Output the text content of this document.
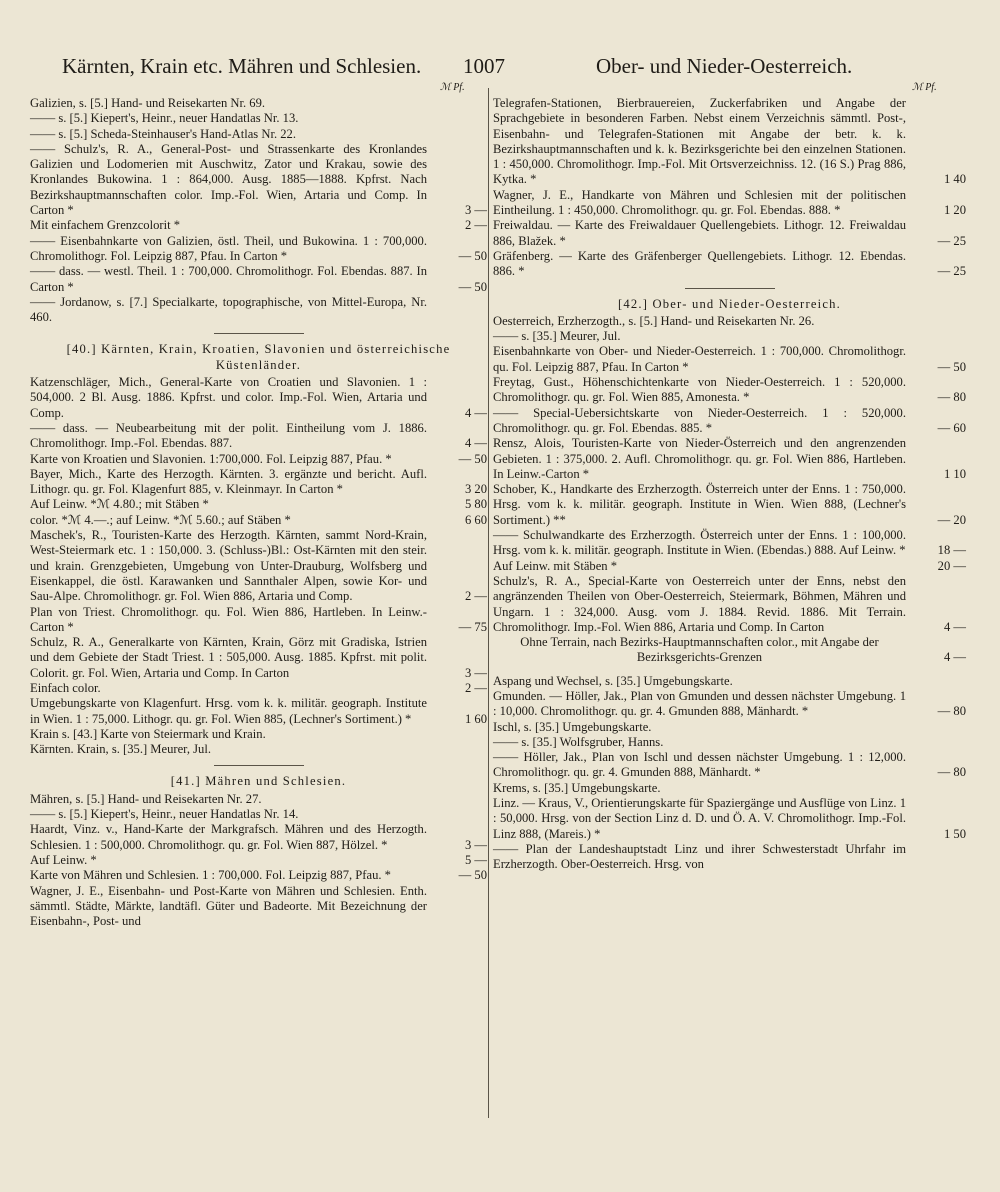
Kärnten, Krain etc. Mähren und Schlesien. 1007	Ober- und Nieder-Oesterreich.
ℳ Pf.	ℳ Pf.
Galizien, s. [5.] Hand- und Reisekarten Nr. 69.
—— s. [5.] Kiepert's, Heinr., neuer Handatlas Nr. 13.
—— s. [5.] Scheda-Steinhauser's Hand-Atlas Nr. 22.
—— Schulz's, R. A., General-Post- und Strassenkarte des Kronlandes Galizien und Lodomerien mit Auschwitz, Zator und Krakau, sowie des Kronlandes Bukowina. 1 : 864,000. Ausg. 1885—1888. Kpfrst. Nach Bezirkshauptmannschaften color. Imp.-Fol. Wien, Artaria und Comp. In Carton *	3 —
Mit einfachem Grenzcolorit *	2 —
—— Eisenbahnkarte von Galizien, östl. Theil, und Bukowina. 1 : 700,000. Chromolithogr. Fol. Leipzig 887, Pfau. In Carton *	— 50
—— dass. — westl. Theil. 1 : 700,000. Chromolithogr. Fol. Ebendas. 887. In Carton *	— 50
—— Jordanow, s. [7.] Specialkarte, topographische, von Mittel-Europa, Nr. 460.
[40.] Kärnten, Krain, Kroatien, Slavonien und österreichische Küstenländer.
Katzenschläger, Mich., General-Karte von Croatien und Slavonien. 1 : 504,000. 2 Bl. Ausg. 1886. Kpfrst. und color. Imp.-Fol. Wien, Artaria und Comp.	4 —
—— dass. — Neubearbeitung mit der polit. Eintheilung vom J. 1886. Chromolithogr. Imp.-Fol. Ebendas. 887.	4 —
Karte von Kroatien und Slavonien. 1:700,000. Fol. Leipzig 887, Pfau. *	— 50
Bayer, Mich., Karte des Herzogth. Kärnten. 3. ergänzte und bericht. Aufl. Lithogr. qu. gr. Fol. Klagenfurt 885, v. Kleinmayr. In Carton *	3 20
Auf Leinw. *ℳ 4.80.; mit Stäben *	5 80
color. *ℳ 4.—.; auf Leinw. *ℳ 5.60.; auf Stäben *	6 60
Maschek's, R., Touristen-Karte des Herzogth. Kärnten, sammt Nord-Krain, West-Steiermark etc. 1 : 150,000. 3. (Schluss-)Bl.: Ost-Kärnten mit den steir. und krain. Grenzgebieten, Umgebung von Unter-Drauburg, Wolfsberg und Eisenkappel, die östl. Karawanken und Sannthaler Alpen, sowie Kor- und Sau-Alpe. Chromolithogr. gr. Fol. Wien 886, Artaria und Comp.	2 —
Plan von Triest. Chromolithogr. qu. Fol. Wien 886, Hartleben. In Leinw.-Carton *	— 75
Schulz, R. A., Generalkarte von Kärnten, Krain, Görz mit Gradiska, Istrien und dem Gebiete der Stadt Triest. 1 : 505,000. Ausg. 1885. Kpfrst. mit polit. Colorit. gr. Fol. Wien, Artaria und Comp. In Carton	3 —
Einfach color.	2 —
Umgebungskarte von Klagenfurt. Hrsg. vom k. k. militär. geograph. Institute in Wien. 1 : 75,000. Lithogr. qu. gr. Fol. Wien 885, (Lechner's Sortiment.) *	1 60
Krain s. [43.] Karte von Steiermark und Krain.
Kärnten. Krain, s. [35.] Meurer, Jul.
[41.] Mähren und Schlesien.
Mähren, s. [5.] Hand- und Reisekarten Nr. 27.
—— s. [5.] Kiepert's, Heinr., neuer Handatlas Nr. 14.
Haardt, Vinz. v., Hand-Karte der Markgrafsch. Mähren und des Herzogth. Schlesien. 1 : 500,000. Chromolithogr. qu. gr. Fol. Wien 887, Hölzel. *	3 —
Auf Leinw. *	5 —
Karte von Mähren und Schlesien. 1 : 700,000. Fol. Leipzig 887, Pfau. *	— 50
Wagner, J. E., Eisenbahn- und Post-Karte von Mähren und Schlesien. Enth. sämmtl. Städte, Märkte, landtäfl. Güter und Badeorte. Mit Bezeichnung der Eisenbahn-, Post- und
Telegrafen-Stationen, Bierbrauereien, Zuckerfabriken und Angabe der Sprachgebiete in besonderen Farben. Nebst einem Verzeichnis sämmtl. Post-, Eisenbahn- und Telegrafen-Stationen mit Angabe der betr. k. k. Bezirkshauptmannschaften und k. k. Bezirksgerichte bei den einzelnen Stationen. 1 : 450,000. Chromolithogr. Imp.-Fol. Mit Ortsverzeichniss. 12. (16 S.) Prag 886, Kytka. *	1 40
Wagner, J. E., Handkarte von Mähren und Schlesien mit der politischen Eintheilung. 1 : 450,000. Chromolithogr. qu. gr. Fol. Ebendas. 888. *	1 20
Freiwaldau. — Karte des Freiwaldauer Quellengebiets. Lithogr. 12. Freiwaldau 886, Blažek. *	— 25
Gräfenberg. — Karte des Gräfenberger Quellengebiets. Lithogr. 12. Ebendas. 886. *	— 25
[42.] Ober- und Nieder-Oesterreich.
Oesterreich, Erzherzogth., s. [5.] Hand- und Reisekarten Nr. 26.
—— s. [35.] Meurer, Jul.
Eisenbahnkarte von Ober- und Nieder-Oesterreich. 1 : 700,000. Chromolithogr. qu. Fol. Leipzig 887, Pfau. In Carton *	— 50
Freytag, Gust., Höhenschichtenkarte von Nieder-Oesterreich. 1 : 520,000. Chromolithogr. qu. gr. Fol. Wien 885, Amonesta. *	— 80
—— Special-Uebersichtskarte von Nieder-Oesterreich. 1 : 520,000. Chromolithogr. qu. gr. Fol. Ebendas. 885. *	— 60
Rensz, Alois, Touristen-Karte von Nieder-Österreich und den angrenzenden Gebieten. 1 : 375,000. 2. Aufl. Chromolithogr. qu. gr. Fol. Wien 886, Hartleben. In Leinw.-Carton *	1 10
Schober, K., Handkarte des Erzherzogth. Österreich unter der Enns. 1 : 750,000. Hrsg. vom k. k. militär. geograph. Institute in Wien. Wien 888, (Lechner's Sortiment.) **	— 20
—— Schulwandkarte des Erzherzogth. Österreich unter der Enns. 1 : 100,000. Hrsg. vom k. k. militär. geograph. Institute in Wien. (Ebendas.) 888. Auf Leinw. *	18 —
Auf Leinw. mit Stäben *	20 —
Schulz's, R. A., Special-Karte von Oesterreich unter der Enns, nebst den angränzenden Theilen von Ober-Oesterreich, Steiermark, Böhmen, Mähren und Ungarn. 1 : 324,000. Ausg. vom J. 1884. Revid. 1886. Mit Terrain. Chromolithogr. Imp.-Fol. Wien 886, Artaria und Comp. In Carton	4 —
Ohne Terrain, nach Bezirks-Hauptmannschaften color., mit Angabe der Bezirksgerichts-Grenzen	4 —
Aspang und Wechsel, s. [35.] Umgebungskarte.
Gmunden. — Höller, Jak., Plan von Gmunden und dessen nächster Umgebung. 1 : 10,000. Chromolithogr. qu. gr. 4. Gmunden 888, Mänhardt. *	— 80
Ischl, s. [35.] Umgebungskarte.
—— s. [35.] Wolfsgruber, Hanns.
—— Höller, Jak., Plan von Ischl und dessen nächster Umgebung. 1 : 12,000. Chromolithogr. qu. gr. 4. Gmunden 888, Mänhardt. *	— 80
Krems, s. [35.] Umgebungskarte.
Linz. — Kraus, V., Orientierungskarte für Spaziergänge und Ausflüge von Linz. 1 : 50,000. Hrsg. von der Section Linz d. D. und Ö. A. V. Chromolithogr. Imp.-Fol. Linz 888, (Mareis.) *	1 50
—— Plan der Landeshauptstadt Linz und ihrer Schwesterstadt Uhrfahr im Erzherzogth. Ober-Oesterreich. Hrsg. von
